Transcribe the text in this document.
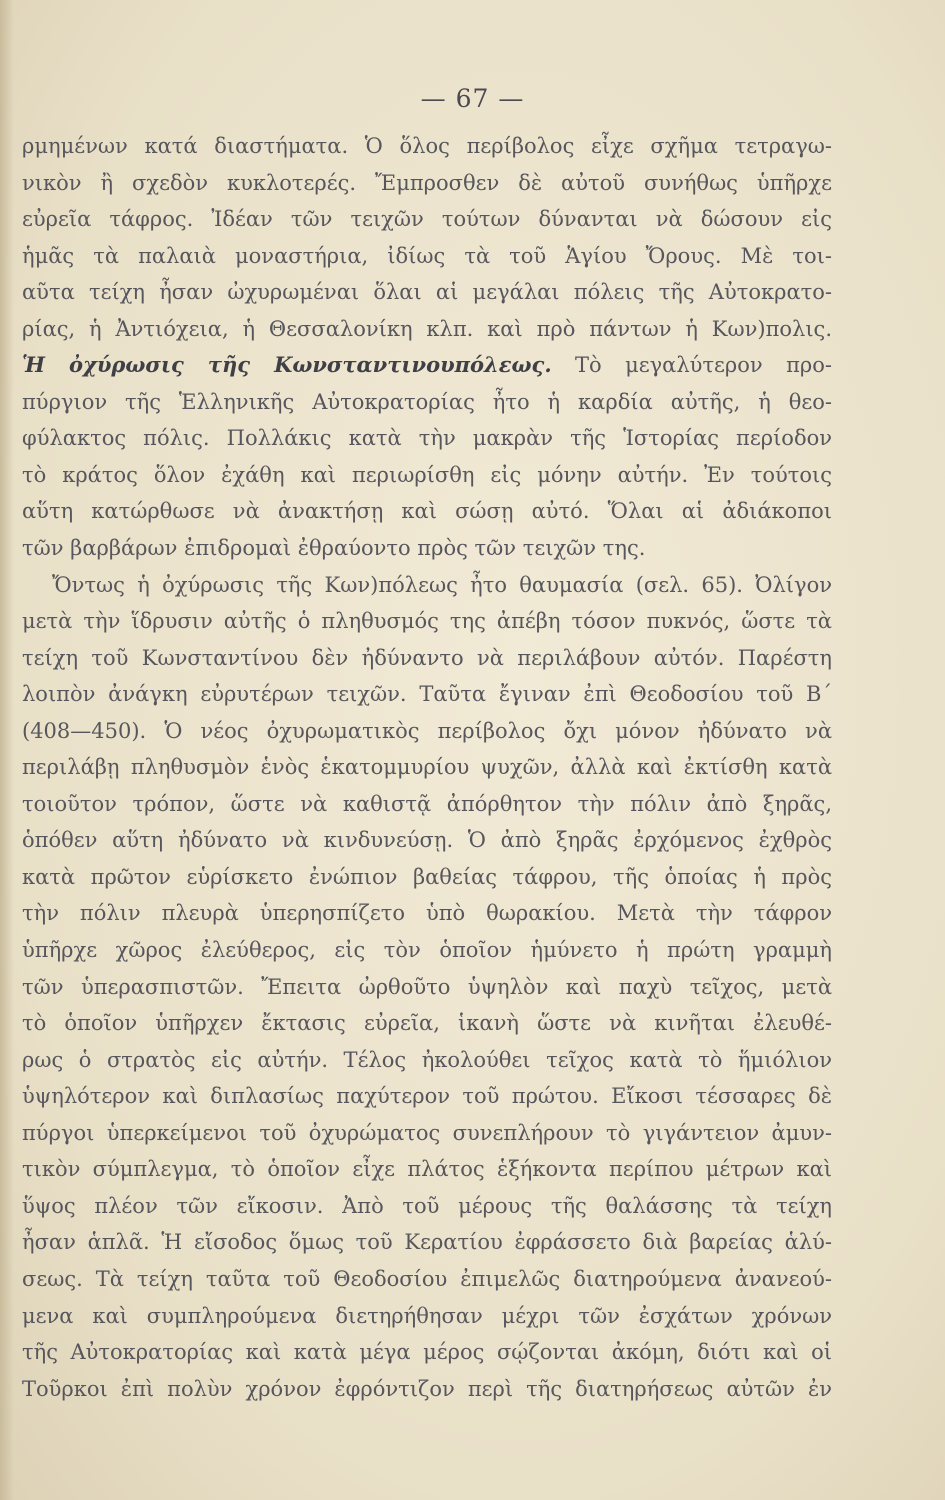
— 67 —
ρμημένων κατά διαστήματα. Ὁ ὅλος περίβολος εἶχε σχῆμα τετραγω-
νικὸν ἢ σχεδὸν κυκλοτερές. Ἔμπροσθεν δὲ αὐτοῦ συνήθως ὑπῆρχε
εὐρεῖα τάφρος. Ἰδέαν τῶν τειχῶν τούτων δύνανται νὰ δώσουν εἰς
ἡμᾶς τὰ παλαιὰ μοναστήρια, ἰδίως τὰ τοῦ Ἁγίου Ὄρους. Μὲ τοι-
αῦτα τείχη ἦσαν ὠχυρωμέναι ὅλαι αἱ μεγάλαι πόλεις τῆς Αὐτοκρατο-
ρίας, ἡ Ἀντιόχεια, ἡ Θεσσαλονίκη κλπ. καὶ πρὸ πάντων ἡ Κων)πολις.
Ἡ ὀχύρωσις τῆς Κωνσταντινουπόλεως. Τὸ μεγαλύτερον προ-
πύργιον τῆς Ἑλληνικῆς Αὐτοκρατορίας ἦτο ἡ καρδία αὐτῆς, ἡ θεο-
φύλακτος πόλις. Πολλάκις κατὰ τὴν μακρὰν τῆς Ἱστορίας περίοδον
τὸ κράτος ὅλον ἐχάθη καὶ περιωρίσθη εἰς μόνην αὐτήν. Ἐν τούτοις
αὕτη κατώρθωσε νὰ ἀνακτήσῃ καὶ σώσῃ αὐτό. Ὅλαι αἱ ἀδιάκοποι
τῶν βαρβάρων ἐπιδρομαὶ ἐθραύοντο πρὸς τῶν τειχῶν της.
Ὄντως ἡ ὀχύρωσις τῆς Κων)πόλεως ἦτο θαυμασία (σελ. 65). Ὀλίγον
μετὰ τὴν ἵδρυσιν αὐτῆς ὁ πληθυσμός της ἀπέβη τόσον πυκνός, ὥστε τὰ
τείχη τοῦ Κωνσταντίνου δὲν ἠδύναντο νὰ περιλάβουν αὐτόν. Παρέστη
λοιπὸν ἀνάγκη εὐρυτέρων τειχῶν. Ταῦτα ἔγιναν ἐπὶ Θεοδοσίου τοῦ Β΄
(408—450). Ὁ νέος ὀχυρωματικὸς περίβολος ὄχι μόνον ἠδύνατο νὰ
περιλάβῃ πληθυσμὸν ἑνὸς ἑκατομμυρίου ψυχῶν, ἀλλὰ καὶ ἐκτίσθη κατὰ
τοιοῦτον τρόπον, ὥστε νὰ καθιστᾷ ἀπόρθητον τὴν πόλιν ἀπὸ ξηρᾶς,
ὁπόθεν αὕτη ἠδύνατο νὰ κινδυνεύσῃ. Ὁ ἀπὸ ξηρᾶς ἐρχόμενος ἐχθρὸς
κατὰ πρῶτον εὑρίσκετο ἐνώπιον βαθείας τάφρου, τῆς ὁποίας ἡ πρὸς
τὴν πόλιν πλευρὰ ὑπερησπίζετο ὑπὸ θωρακίου. Μετὰ τὴν τάφρον
ὑπῆρχε χῶρος ἐλεύθερος, εἰς τὸν ὁποῖον ἡμύνετο ἡ πρώτη γραμμὴ
τῶν ὑπερασπιστῶν. Ἔπειτα ὠρθοῦτο ὑψηλὸν καὶ παχὺ τεῖχος, μετὰ
τὸ ὁποῖον ὑπῆρχεν ἔκτασις εὐρεῖα, ἱκανὴ ὥστε νὰ κινῆται ἐλευθέ-
ρως ὁ στρατὸς εἰς αὐτήν. Τέλος ἠκολούθει τεῖχος κατὰ τὸ ἥμιόλιον
ὑψηλότερον καὶ διπλασίως παχύτερον τοῦ πρώτου. Εἴκοσι τέσσαρες δὲ
πύργοι ὑπερκείμενοι τοῦ ὀχυρώματος συνεπλήρουν τὸ γιγάντειον ἀμυν-
τικὸν σύμπλεγμα, τὸ ὁποῖον εἶχε πλάτος ἑξήκοντα περίπου μέτρων καὶ
ὕψος πλέον τῶν εἴκοσιν. Ἀπὸ τοῦ μέρους τῆς θαλάσσης τὰ τείχη
ἦσαν ἁπλᾶ. Ἡ εἴσοδος ὅμως τοῦ Κερατίου ἐφράσσετο διὰ βαρείας ἁλύ-
σεως. Τὰ τείχη ταῦτα τοῦ Θεοδοσίου ἐπιμελῶς διατηρούμενα ἀνανεού-
μενα καὶ συμπληρούμενα διετηρήθησαν μέχρι τῶν ἐσχάτων χρόνων
τῆς Αὐτοκρατορίας καὶ κατὰ μέγα μέρος σῴζονται ἀκόμη, διότι καὶ οἱ
Τοῦρκοι ἐπὶ πολὺν χρόνον ἐφρόντιζον περὶ τῆς διατηρήσεως αὐτῶν ἐν
